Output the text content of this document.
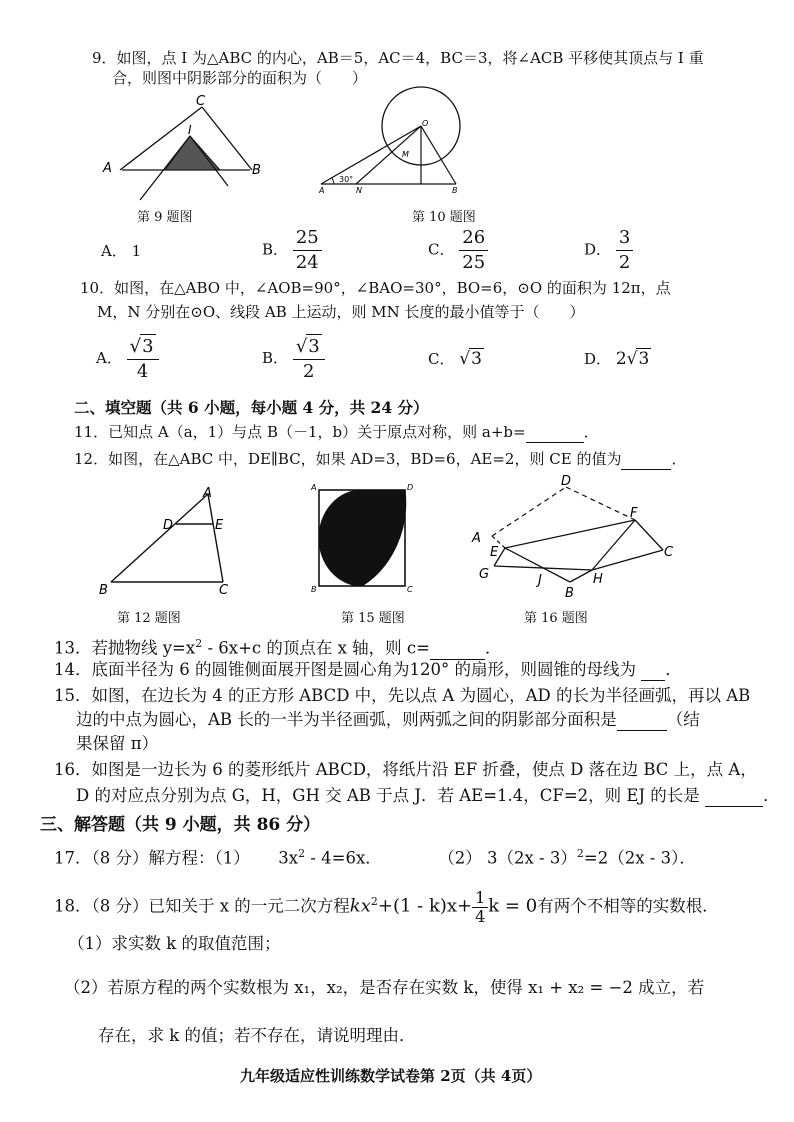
9．如图，点 I 为△ABC 的内心，AB＝5，AC＝4，BC＝3，将∠ACB 平移使其顶点与 I 重
合，则图中阴影部分的面积为（　　）
A	B
C
I
第 9 题图
O
M
A	N	B
30°
第 10 题图
A． 1	B． $\frac{25}{24}$	C． $\frac{26}{25}$	D． $\frac{3}{2}$
10．如图，在△ABO 中，∠AOB=90°，∠BAO=30°，BO=6，⊙O 的面积为 12π，点
M，N 分别在⊙O、线段 AB 上运动，则 MN 长度的最小值等于（　　）
A． $\frac{√3}{4}$	B． $\frac{√3}{2}$	C． √3	D． 2√3
二、填空题（共 6 小题，每小题 4 分，共 24 分）
11．已知点 A（a，1）与点 B（－1，b）关于原点对称，则 a+b=	．
12．如图，在△ABC 中，DE∥BC，如果 AD=3，BD=6，AE=2，则 CE 的值为	．
A
B	C
D	E
第 12 题图
A
B	C
D
第 15 题图
A
B
C
D
E
F
G	H
J
第 16 题图
13．若抛物线 $y=x^2 - 6x+c$ 的顶点在 x 轴，则 c=	．
14．底面半径为 6 的圆锥侧面展开图是圆心角为120° 的扇形，则圆锥的母线为 ．
15．如图，在边长为 4 的正方形 ABCD 中，先以点 A 为圆心，AD 的长为半径画弧，再以 AB
边的中点为圆心，AB 长的一半为半径画弧，则两弧之间的阴影部分面积是	（结
果保留 π）
16．如图是一边长为 6 的菱形纸片 ABCD，将纸片沿 EF 折叠，使点 D 落在边 BC 上，点 A，
D 的对应点分别为点 G，H，GH 交 AB 于点 J．若 AE=1.4，CF=2，则 EJ 的长是	．
三、解答题（共 9 小题，共 86 分）
17．（8 分）解方程：（1） $3x^2 - 4=6x$．	（2） 3（2x - 3）$^2$=2（2x - 3）．
18．（8 分）已知关于 x 的一元二次方程$kx^2+(1 - k)x+ \frac{1}{4}$ k = 0有两个不相等的实数根．
（1）求实数 k 的取值范围；
（2）若原方程的两个实数根为 x₁，x₂，是否存在实数 k，使得 x₁ + x₂ = −2 成立，若
存在，求 k 的值；若不存在，请说明理由．
九年级适应性训练数学试卷第 2页（共 4页）
